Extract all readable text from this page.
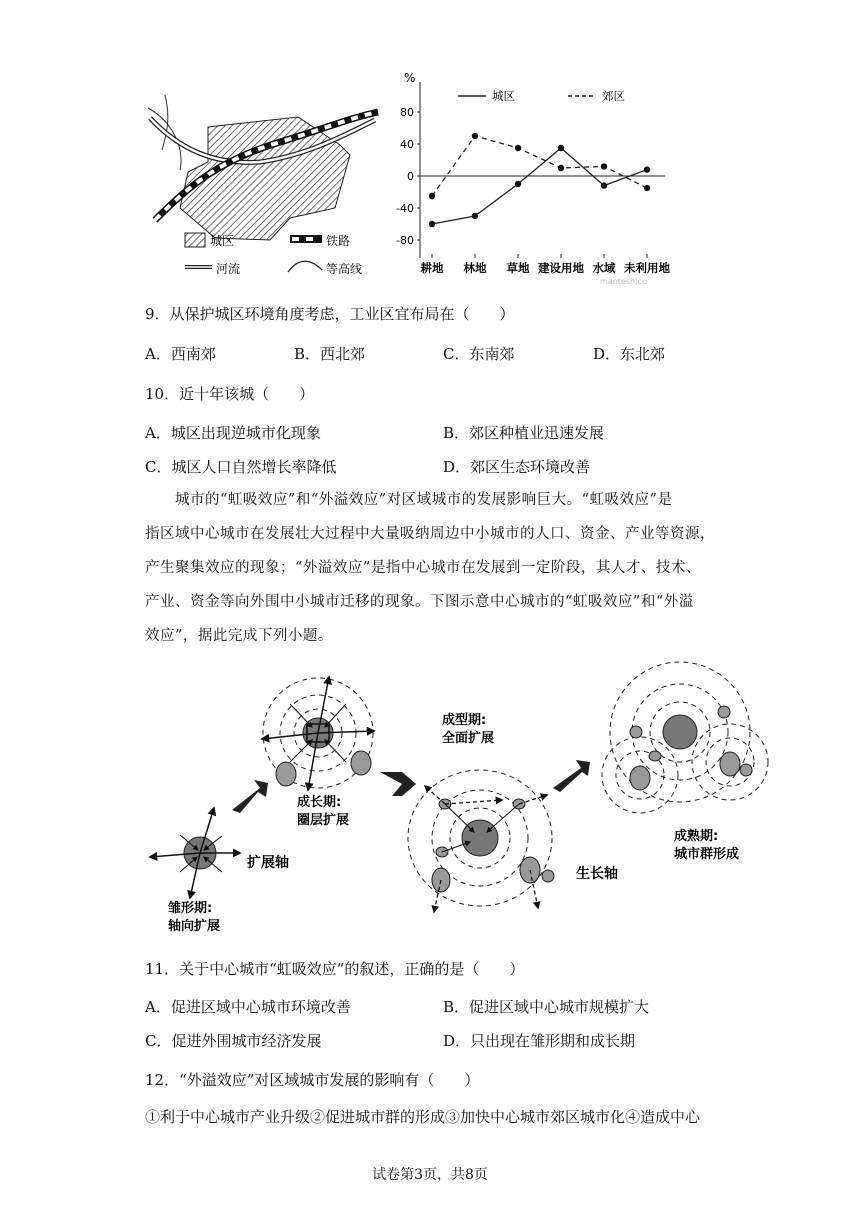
城区	铁路
河流	等高线
%
城区	郊区
80
40
0
-40
-80
耕地 林地 草地 建设用地 水域 未利用地
mantesh.co
9．从保护城区环境角度考虑，工业区宜布局在（　　）
A．西南郊	B．西北郊	C．东南郊	D．东北郊
10．近十年该城（　　）
A．城区出现逆城市化现象	B．郊区种植业迅速发展
C．城区人口自然增长率降低	D．郊区生态环境改善
城市的“虹吸效应”和“外溢效应”对区域城市的发展影响巨大。“虹吸效应”是
指区域中心城市在发展壮大过程中大量吸纳周边中小城市的人口、资金、产业等资源，
产生聚集效应的现象；“外溢效应”是指中心城市在发展到一定阶段，其人才、技术、
产业、资金等向外围中小城市迁移的现象。下图示意中心城市的“虹吸效应”和“外溢
效应”，据此完成下列小题。
扩展轴
雏形期:
轴向扩展
成长期:
圈层扩展
成型期:
全面扩展
生长轴
成熟期:
城市群形成
11．关于中心城市“虹吸效应”的叙述，正确的是（　　）
A．促进区域中心城市环境改善	B．促进区域中心城市规模扩大
C．促进外围城市经济发展	D．只出现在雏形期和成长期
12．“外溢效应”对区域城市发展的影响有（　　）
①利于中心城市产业升级②促进城市群的形成③加快中心城市郊区城市化④造成中心
试卷第3页，共8页
